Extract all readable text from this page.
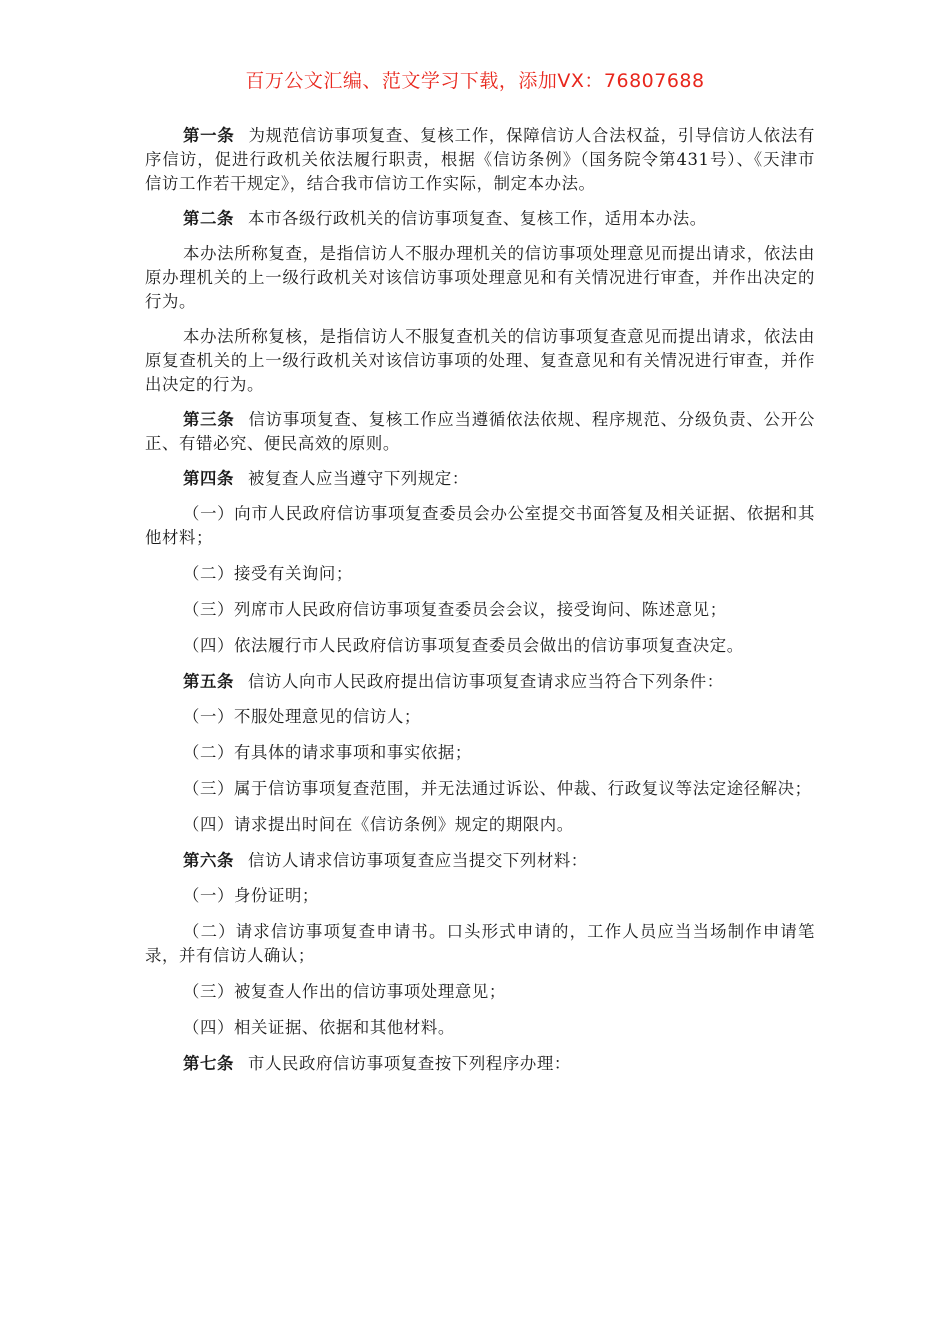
百万公文汇编、范文学习下载，添加VX：76807688

第一条 为规范信访事项复查、复核工作，保障信访人合法权益，引导信访人依法有序信访，促进行政机关依法履行职责，根据《信访条例》（国务院令第431号）、《天津市信访工作若干规定》，结合我市信访工作实际，制定本办法。

第二条 本市各级行政机关的信访事项复查、复核工作，适用本办法。

本办法所称复查，是指信访人不服办理机关的信访事项处理意见而提出请求，依法由原办理机关的上一级行政机关对该信访事项处理意见和有关情况进行审查，并作出决定的行为。

本办法所称复核，是指信访人不服复查机关的信访事项复查意见而提出请求，依法由原复查机关的上一级行政机关对该信访事项的处理、复查意见和有关情况进行审查，并作出决定的行为。

第三条 信访事项复查、复核工作应当遵循依法依规、程序规范、分级负责、公开公正、有错必究、便民高效的原则。

第四条 被复查人应当遵守下列规定：

（一）向市人民政府信访事项复查委员会办公室提交书面答复及相关证据、依据和其他材料；

（二）接受有关询问；

（三）列席市人民政府信访事项复查委员会会议，接受询问、陈述意见；

（四）依法履行市人民政府信访事项复查委员会做出的信访事项复查决定。

第五条 信访人向市人民政府提出信访事项复查请求应当符合下列条件：

（一）不服处理意见的信访人；

（二）有具体的请求事项和事实依据；

（三）属于信访事项复查范围，并无法通过诉讼、仲裁、行政复议等法定途径解决；

（四）请求提出时间在《信访条例》规定的期限内。

第六条 信访人请求信访事项复查应当提交下列材料：

（一）身份证明；

（二）请求信访事项复查申请书。口头形式申请的，工作人员应当当场制作申请笔录，并有信访人确认；

（三）被复查人作出的信访事项处理意见；

（四）相关证据、依据和其他材料。

第七条 市人民政府信访事项复查按下列程序办理：
